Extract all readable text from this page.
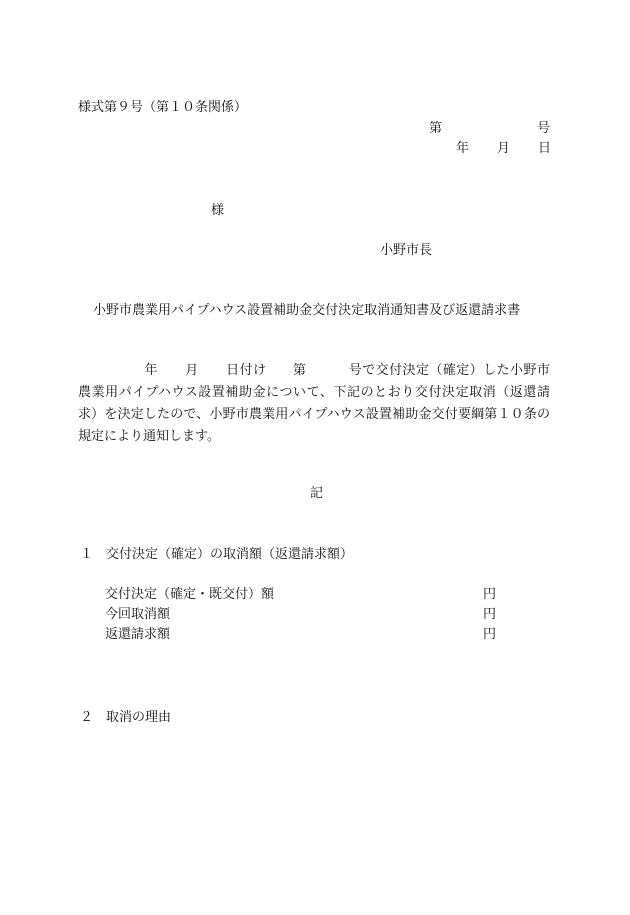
様式第９号（第１０条関係）
第	号
年 月 日
様
小野市長
小野市農業用パイプハウス設置補助金交付決定取消通知書及び返還請求書
年 月 日付け 第	号で交付決定（確定）した小野市農業用パイプハウス設置補助金について、下記のとおり交付決定取消（返還請求）を決定したので、小野市農業用パイプハウス設置補助金交付要綱第１０条の規定により通知します。
記
１ 交付決定（確定）の取消額（返還請求額）
交付決定（確定・既交付）額	円
今回取消額	円
返還請求額	円
２ 取消の理由
